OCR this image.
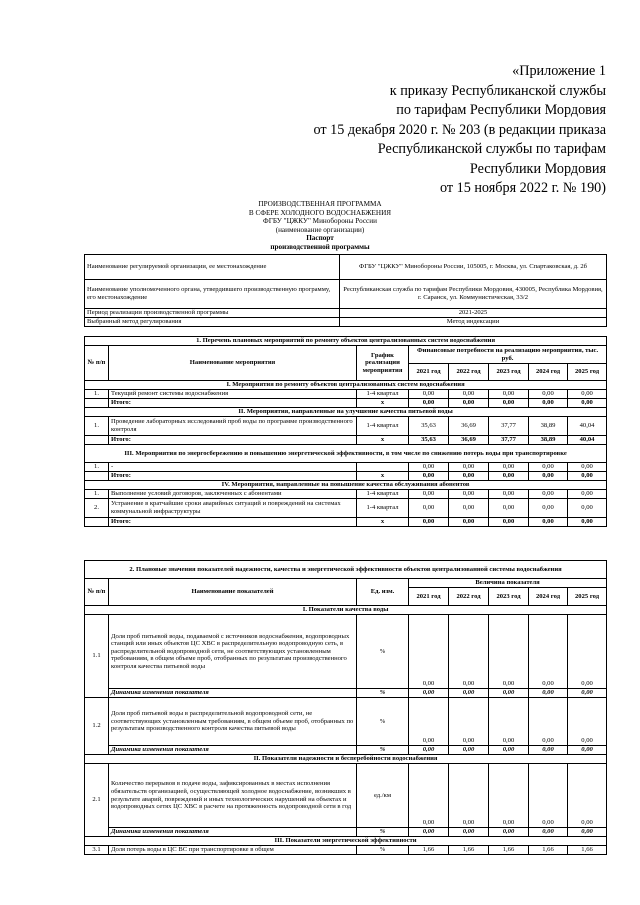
«Приложение 1
к приказу Республиканской службы
по тарифам Республики Мордовия
от 15 декабря 2020 г. № 203 (в редакции приказа
Республиканской службы по тарифам
Республики Мордовия
от 15 ноября 2022 г. № 190)
ПРОИЗВОДСТВЕННАЯ ПРОГРАММА
В СФЕРЕ ХОЛОДНОГО ВОДОСНАБЖЕНИЯ
ФГБУ "ЦЖКУ" Минобороны России
(наименование организации)
Паспорт
производственной программы
Наименование регулируемой организации, ее местонахождение	ФГБУ "ЦЖКУ" Минобороны России, 105005, г. Москва, ул. Спартаковская, д. 2б
Наименование уполномоченного органа, утвердившего производственную программу, его местонахождение	Республиканская служба по тарифам Республики Мордовия, 430005, Республика Мордовия, г. Саранск, ул. Коммунистическая, 33/2
Период реализации производственной программы	2021-2025
Выбранный метод регулирования	Метод индексации
1. Перечень плановых мероприятий по ремонту объектов централизованных систем водоснабжения							
№ п/п	Наименование мероприятия	График реализации мероприятия	Финансовые потребности на реализацию мероприятия, тыс. руб.				
			2021 год	2022 год	2023 год	2024 год	2025 год
I. Мероприятия по ремонту объектов централизованных систем водоснабжения							
1.	Текущий ремонт системы водоснабжения	1-4 квартал	0,00	0,00	0,00	0,00	0,00
	Итого:	х	0,00	0,00	0,00	0,00	0,00
II. Мероприятия, направленные на улучшение качества питьевой воды							
1.	Проведение лабораторных исследований проб воды по программе производственного контроля	1-4 квартал	35,63	36,69	37,77	38,89	40,04
	Итого:	х	35,63	36,69	37,77	38,89	40,04
III. Мероприятия по энергосбережению и повышению энергетической эффективности, в том числе по снижению потерь воды при транспортировке							
1.	-		0,00	0,00	0,00	0,00	0,00
	Итого:	х	0,00	0,00	0,00	0,00	0,00
IV. Мероприятия, направленные на повышение качества обслуживания абонентов							
1.	Выполнение условий договоров, заключенных с абонентами	1-4 квартал	0,00	0,00	0,00	0,00	0,00
2.	Устранение в кратчайшие сроки аварийных ситуаций и повреждений на системах коммунальной инфраструктуры	1-4 квартал	0,00	0,00	0,00	0,00	0,00
	Итого:	х	0,00	0,00	0,00	0,00	0,00
2. Плановые значения показателей надежности, качества и энергетической эффективности объектов централизованной системы водоснабжения							
№ п/п	Наименование показателей	Ед. изм.	Величина показателя				
			2021 год	2022 год	2023 год	2024 год	2025 год
I. Показатели качества воды							
1.1	Доля проб питьевой воды, подаваемой с источников водоснабжения, водопроводных станций или иных объектов ЦС ХВС в распределительную водопроводную сеть, в распределительной водопроводной сети, не соответствующих установленным требованиям, в общем объеме проб, отобранных по результатам производственного контроля качества питьевой воды	%	0,00	0,00	0,00	0,00	0,00
	Динамика изменения показателя	%	0,00	0,00	0,00	0,00	0,00
1.2	Доля проб питьевой воды в распределительной водопроводной сети, не соответствующих установленным требованиям, в общем объеме проб, отобранных по результатам производственного контроля качества питьевой воды	%	0,00	0,00	0,00	0,00	0,00
	Динамика изменения показателя	%	0,00	0,00	0,00	0,00	0,00
II. Показатели надежности и бесперебойности водоснабжения							
2.1	Количество перерывов в подаче воды, зафиксированных в местах исполнения обязательств организацией, осуществляющей холодное водоснабжение, возникших в результате аварий, повреждений и иных технологических нарушений на объектах и водопроводных сетях ЦС ХВС в расчете на протяженность водопроводной сети в год	ед./км	0,00	0,00	0,00	0,00	0,00
	Динамика изменения показателя	%	0,00	0,00	0,00	0,00	0,00
III. Показатели энергетической эффективности							
3.1	Доля потерь воды в ЦС ВС при транспортировке в общем	%	1,66	1,66	1,66	1,66	1,66
